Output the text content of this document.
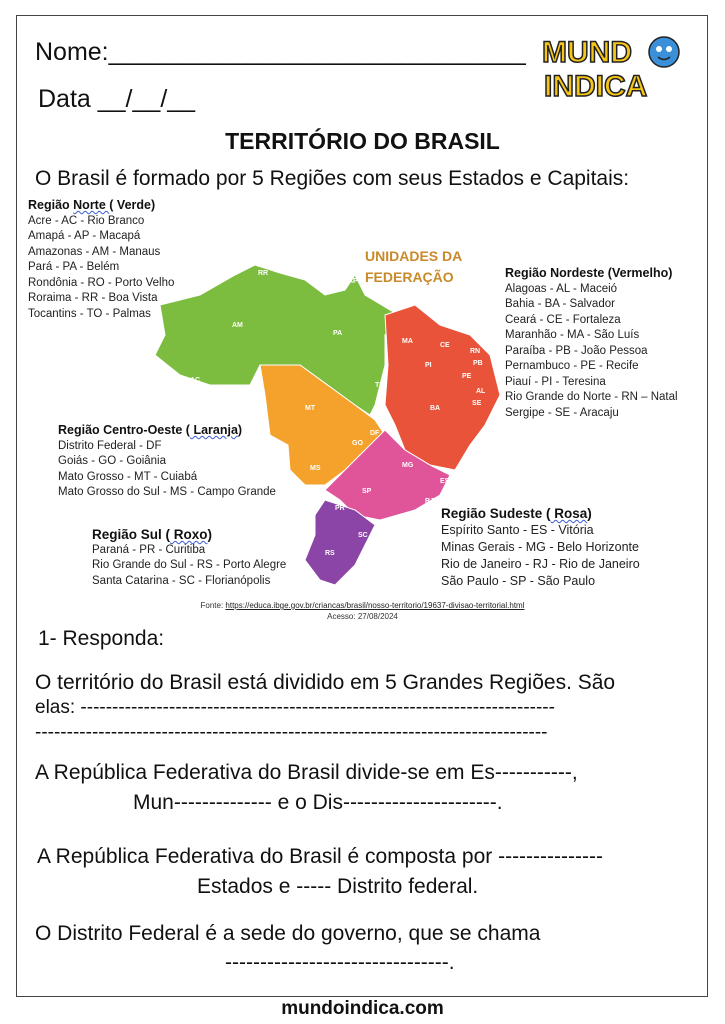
Nome:______________________________
Data __/__/__
MUND
INDICA
TERRITÓRIO DO BRASIL
O Brasil é formado por 5 Regiões com seus Estados e Capitais:
RR
AP
AM
PA
AC
RO
TO
MA
CE
RN
PB
PI
PE
AL
SE
BA
MT
GO
DF
MS	MG
ES
SP
RJ
PR
SC
RS
UNIDADES DA
FEDERAÇÃO
Região Norte ( Verde)
Acre - AC - Rio Branco
Amapá - AP - Macapá
Amazonas - AM - Manaus
Pará - PA - Belém
Rondônia - RO - Porto Velho
Roraima - RR - Boa Vista
Tocantins - TO - Palmas
Região Nordeste (Vermelho)
Alagoas - AL - Maceió
Bahia - BA - Salvador
Ceará - CE - Fortaleza
Maranhão - MA - São Luís
Paraíba - PB - João Pessoa
Pernambuco - PE - Recife
Piauí - PI - Teresina
Rio Grande do Norte - RN – Natal
Sergipe - SE - Aracaju
Região Centro-Oeste ( Laranja)
Distrito Federal - DF
Goiás - GO - Goiânia
Mato Grosso - MT - Cuiabá
Mato Grosso do Sul - MS - Campo Grande
Região Sul ( Roxo)
Paraná - PR - Curitiba
Rio Grande do Sul - RS - Porto Alegre
Santa Catarina - SC - Florianópolis
Região Sudeste ( Rosa)
Espírito Santo - ES - Vitória
Minas Gerais - MG - Belo Horizonte
Rio de Janeiro - RJ - Rio de Janeiro
São Paulo - SP - São Paulo
Fonte: https://educa.ibge.gov.br/criancas/brasil/nosso-territorio/19637-divisao-territorial.html
Acesso: 27/08/2024
1- Responda:
O território do Brasil está dividido em 5 Grandes Regiões. São
elas: ---------------------------------------------------------------------------
---------------------------------------------------------------------------------
A República Federativa do Brasil divide-se em Es-----------,
Mun-------------- e o Dis----------------------.
A República Federativa do Brasil é composta por ---------------
Estados e ----- Distrito federal.
O Distrito Federal é a sede do governo, que se chama
--------------------------------.
mundoindica.com
